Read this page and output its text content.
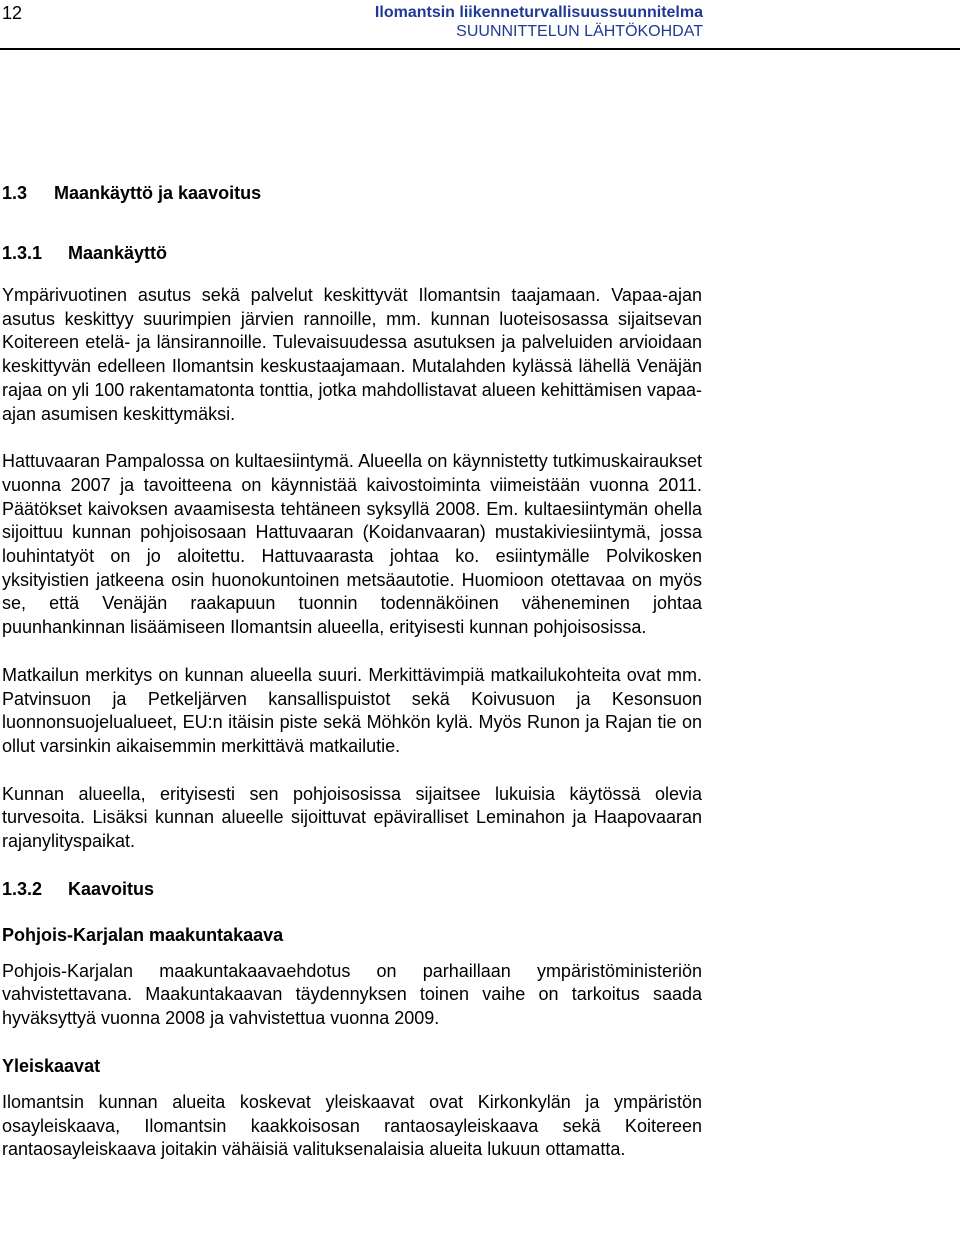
12	Ilomantsin liikenneturvallisuussuunnitelma
SUUNNITTELUN LÄHTÖKOHDAT
1.3 Maankäyttö ja kaavoitus
1.3.1 Maankäyttö

Ympärivuotinen asutus sekä palvelut keskittyvät Ilomantsin taajamaan. Vapaa-ajan asutus keskittyy suurimpien järvien rannoille, mm. kunnan luoteisosassa sijaitsevan Koitereen etelä- ja länsirannoille. Tulevaisuudessa asutuksen ja palveluiden arvioidaan keskittyvän edelleen Ilomantsin keskustaajamaan. Mutalahden kylässä lähellä Venäjän rajaa on yli 100 rakentamatonta tonttia, jotka mahdollistavat alueen kehittämisen vapaa-ajan asumisen keskittymäksi.

Hattuvaaran Pampalossa on kultaesiintymä. Alueella on käynnistetty tutkimuskairaukset vuonna 2007 ja tavoitteena on käynnistää kaivostoiminta viimeistään vuonna 2011. Päätökset kaivoksen avaamisesta tehtäneen syksyllä 2008. Em. kultaesiintymän ohella sijoittuu kunnan pohjoisosaan Hattuvaaran (Koidanvaaran) mustakiviesiintymä, jossa louhintatyöt on jo aloitettu. Hattuvaarasta johtaa ko. esiintymälle Polvikosken yksityistien jatkeena osin huonokuntoinen metsäautotie. Huomioon otettavaa on myös se, että Venäjän raakapuun tuonnin todennäköinen väheneminen johtaa puunhankinnan lisäämiseen Ilomantsin alueella, erityisesti kunnan pohjoisosissa.

Matkailun merkitys on kunnan alueella suuri. Merkittävimpiä matkailukohteita ovat mm. Patvinsuon ja Petkeljärven kansallispuistot sekä Koivusuon ja Kesonsuon luonnonsuojelualueet, EU:n itäisin piste sekä Möhkön kylä. Myös Runon ja Rajan tie on ollut varsinkin aikaisemmin merkittävä matkailutie.

Kunnan alueella, erityisesti sen pohjoisosissa sijaitsee lukuisia käytössä olevia turvesoita. Lisäksi kunnan alueelle sijoittuvat epäviralliset Leminahon ja Haapovaaran rajanylityspaikat.

1.3.2 Kaavoitus
Pohjois-Karjalan maakuntakaava

Pohjois-Karjalan maakuntakaavaehdotus on parhaillaan ympäristöministeriön vahvistettavana. Maakuntakaavan täydennyksen toinen vaihe on tarkoitus saada hyväksyttyä vuonna 2008 ja vahvistettua vuonna 2009.

Yleiskaavat

Ilomantsin kunnan alueita koskevat yleiskaavat ovat Kirkonkylän ja ympäristön osayleiskaava, Ilomantsin kaakkoisosan rantaosayleiskaava sekä Koitereen rantaosayleiskaava joitakin vähäisiä valituksenalaisia alueita lukuun ottamatta.
